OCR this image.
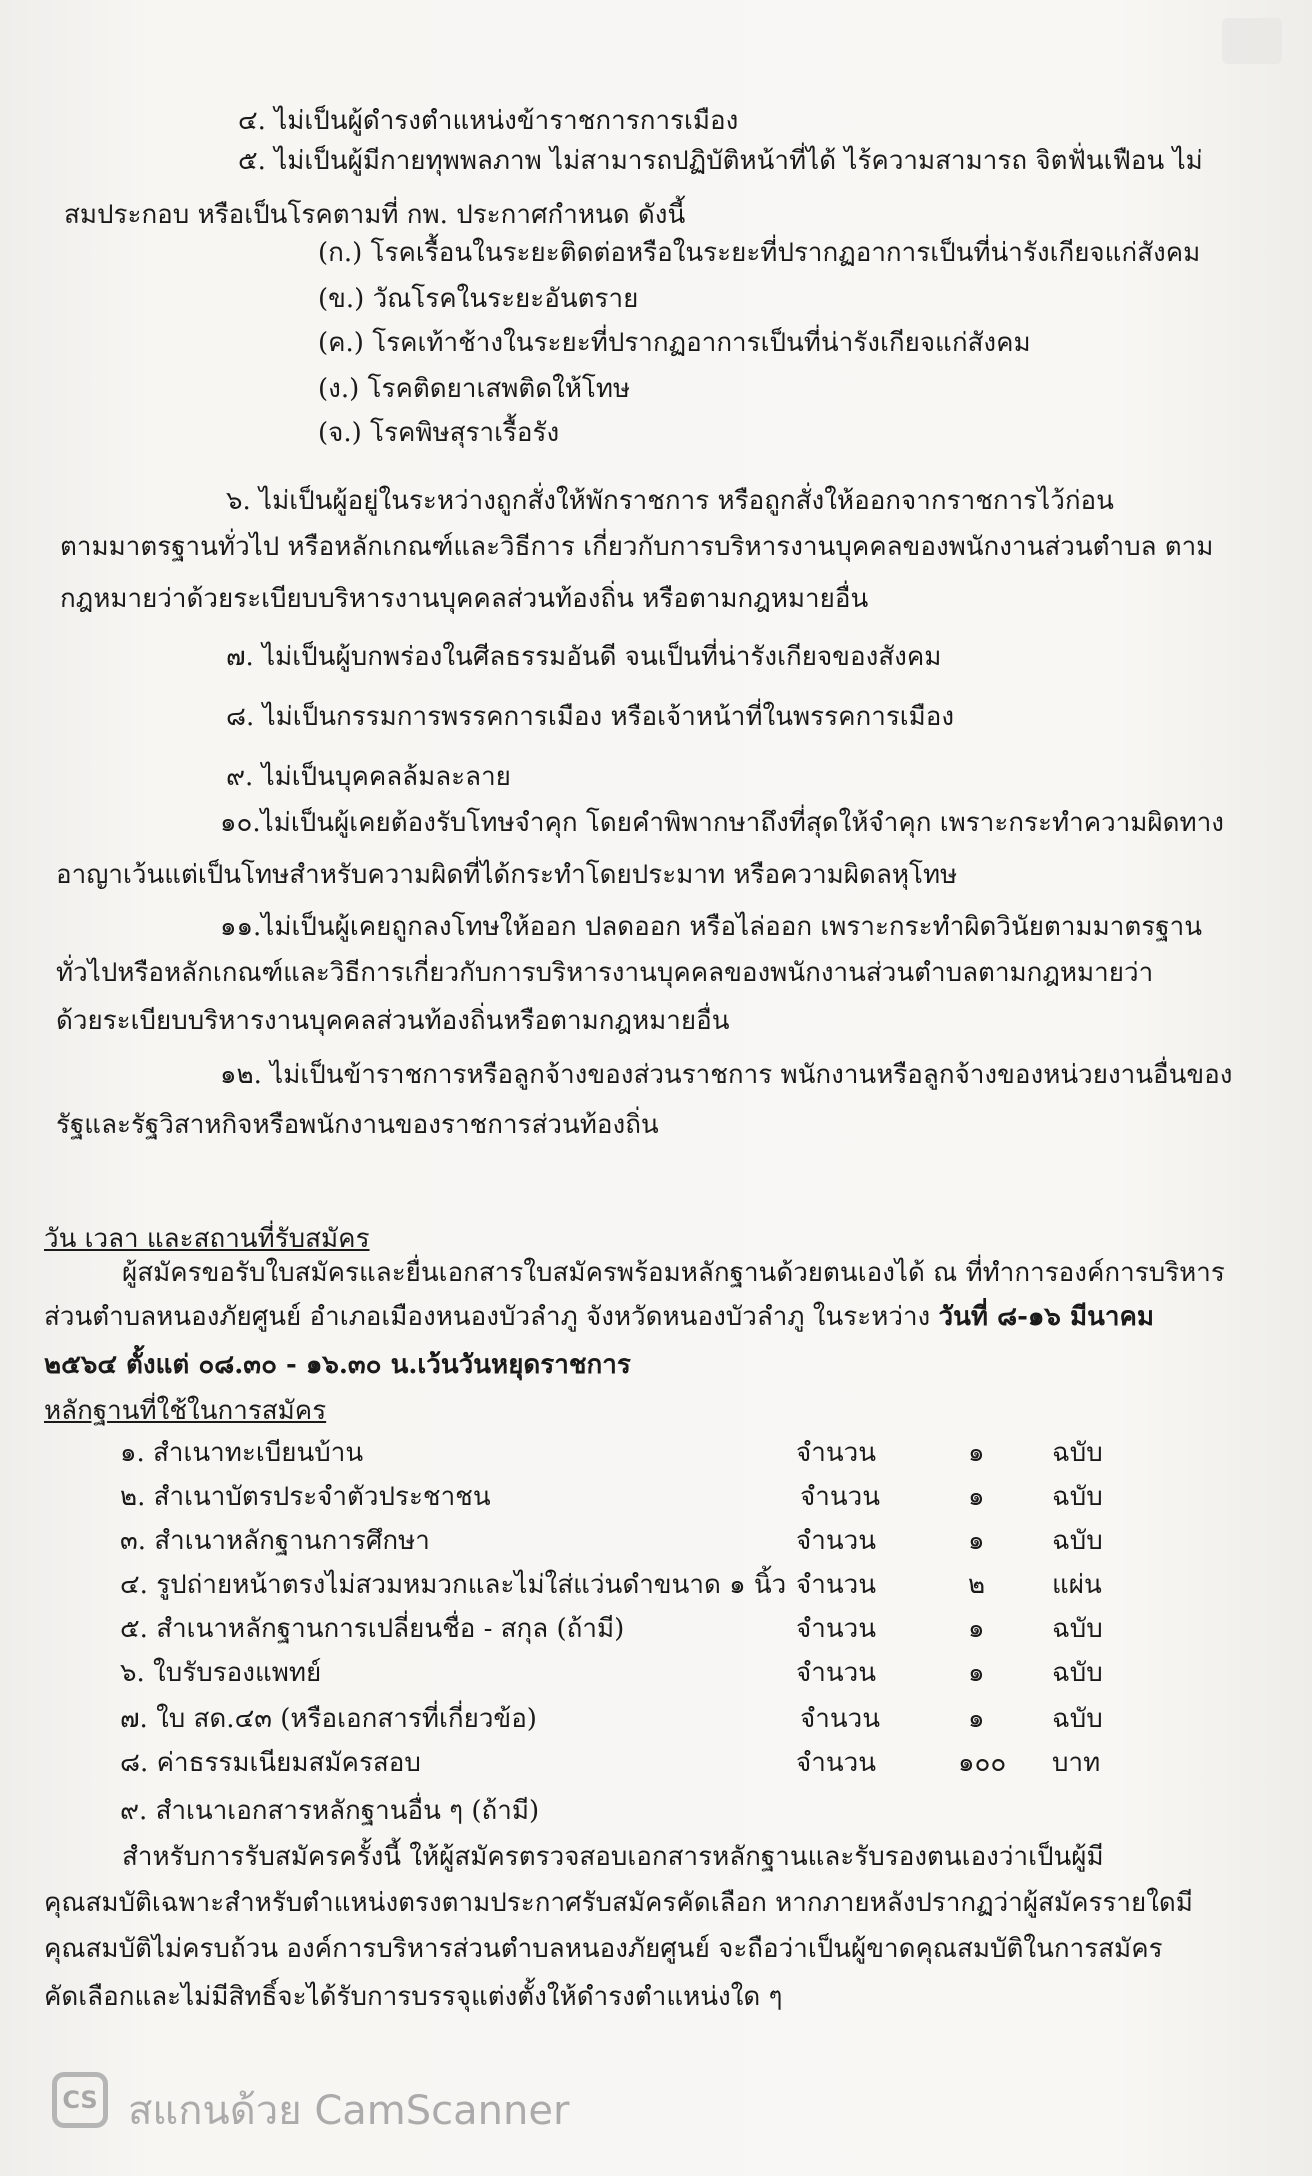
๔. ไม่เป็นผู้ดำรงตำแหน่งข้าราชการการเมือง
๕. ไม่เป็นผู้มีกายทุพพลภาพ ไม่สามารถปฏิบัติหน้าที่ได้ ไร้ความสามารถ จิตฟั่นเฟือน ไม่
สมประกอบ หรือเป็นโรคตามที่ กพ. ประกาศกำหนด ดังนี้
(ก.) โรคเรื้อนในระยะติดต่อหรือในระยะที่ปรากฏอาการเป็นที่น่ารังเกียจแก่สังคม
(ข.) วัณโรคในระยะอันตราย
(ค.) โรคเท้าช้างในระยะที่ปรากฏอาการเป็นที่น่ารังเกียจแก่สังคม
(ง.) โรคติดยาเสพติดให้โทษ
(จ.) โรคพิษสุราเรื้อรัง
๖. ไม่เป็นผู้อยู่ในระหว่างถูกสั่งให้พักราชการ หรือถูกสั่งให้ออกจากราชการไว้ก่อน
ตามมาตรฐานทั่วไป หรือหลักเกณฑ์และวิธีการ เกี่ยวกับการบริหารงานบุคคลของพนักงานส่วนตำบล ตาม
กฎหมายว่าด้วยระเบียบบริหารงานบุคคลส่วนท้องถิ่น หรือตามกฎหมายอื่น
๗. ไม่เป็นผู้บกพร่องในศีลธรรมอันดี จนเป็นที่น่ารังเกียจของสังคม
๘. ไม่เป็นกรรมการพรรคการเมือง หรือเจ้าหน้าที่ในพรรคการเมือง
๙. ไม่เป็นบุคคลล้มละลาย
๑๐.ไม่เป็นผู้เคยต้องรับโทษจำคุก โดยคำพิพากษาถึงที่สุดให้จำคุก เพราะกระทำความผิดทาง
อาญาเว้นแต่เป็นโทษสำหรับความผิดที่ได้กระทำโดยประมาท หรือความผิดลหุโทษ
๑๑.ไม่เป็นผู้เคยถูกลงโทษให้ออก ปลดออก หรือไล่ออก เพราะกระทำผิดวินัยตามมาตรฐาน
ทั่วไปหรือหลักเกณฑ์และวิธีการเกี่ยวกับการบริหารงานบุคคลของพนักงานส่วนตำบลตามกฎหมายว่า
ด้วยระเบียบบริหารงานบุคคลส่วนท้องถิ่นหรือตามกฎหมายอื่น
๑๒. ไม่เป็นข้าราชการหรือลูกจ้างของส่วนราชการ พนักงานหรือลูกจ้างของหน่วยงานอื่นของ
รัฐและรัฐวิสาหกิจหรือพนักงานของราชการส่วนท้องถิ่น
วัน เวลา และสถานที่รับสมัคร
ผู้สมัครขอรับใบสมัครและยื่นเอกสารใบสมัครพร้อมหลักฐานด้วยตนเองได้ ณ ที่ทำการองค์การบริหาร
ส่วนตำบลหนองภัยศูนย์ อำเภอเมืองหนองบัวลำภู จังหวัดหนองบัวลำภู ในระหว่าง วันที่ ๘-๑๖ มีนาคม
๒๕๖๔ ตั้งแต่ ๐๘.๓๐ - ๑๖.๓๐ น.เว้นวันหยุดราชการ
หลักฐานที่ใช้ในการสมัคร
๑. สำเนาทะเบียนบ้าน	จำนวน	๑	ฉบับ
๒. สำเนาบัตรประจำตัวประชาชน	จำนวน	๑	ฉบับ
๓. สำเนาหลักฐานการศึกษา	จำนวน	๑	ฉบับ
๔. รูปถ่ายหน้าตรงไม่สวมหมวกและไม่ใส่แว่นดำขนาด ๑ นิ้ว จำนวน	๒	แผ่น
๕. สำเนาหลักฐานการเปลี่ยนชื่อ - สกุล (ถ้ามี)	จำนวน	๑	ฉบับ
๖. ใบรับรองแพทย์	จำนวน	๑	ฉบับ
๗. ใบ สด.๔๓ (หรือเอกสารที่เกี่ยวข้อ)	จำนวน	๑	ฉบับ
๘. ค่าธรรมเนียมสมัครสอบ	จำนวน	๑๐๐ บาท
๙. สำเนาเอกสารหลักฐานอื่น ๆ (ถ้ามี)
สำหรับการรับสมัครครั้งนี้ ให้ผู้สมัครตรวจสอบเอกสารหลักฐานและรับรองตนเองว่าเป็นผู้มี
คุณสมบัติเฉพาะสำหรับตำแหน่งตรงตามประกาศรับสมัครคัดเลือก หากภายหลังปรากฏว่าผู้สมัครรายใดมี
คุณสมบัติไม่ครบถ้วน องค์การบริหารส่วนตำบลหนองภัยศูนย์ จะถือว่าเป็นผู้ขาดคุณสมบัติในการสมัคร
คัดเลือกและไม่มีสิทธิ์จะได้รับการบรรจุแต่งตั้งให้ดำรงตำแหน่งใด ๆ
CS สแกนด้วย CamScanner
